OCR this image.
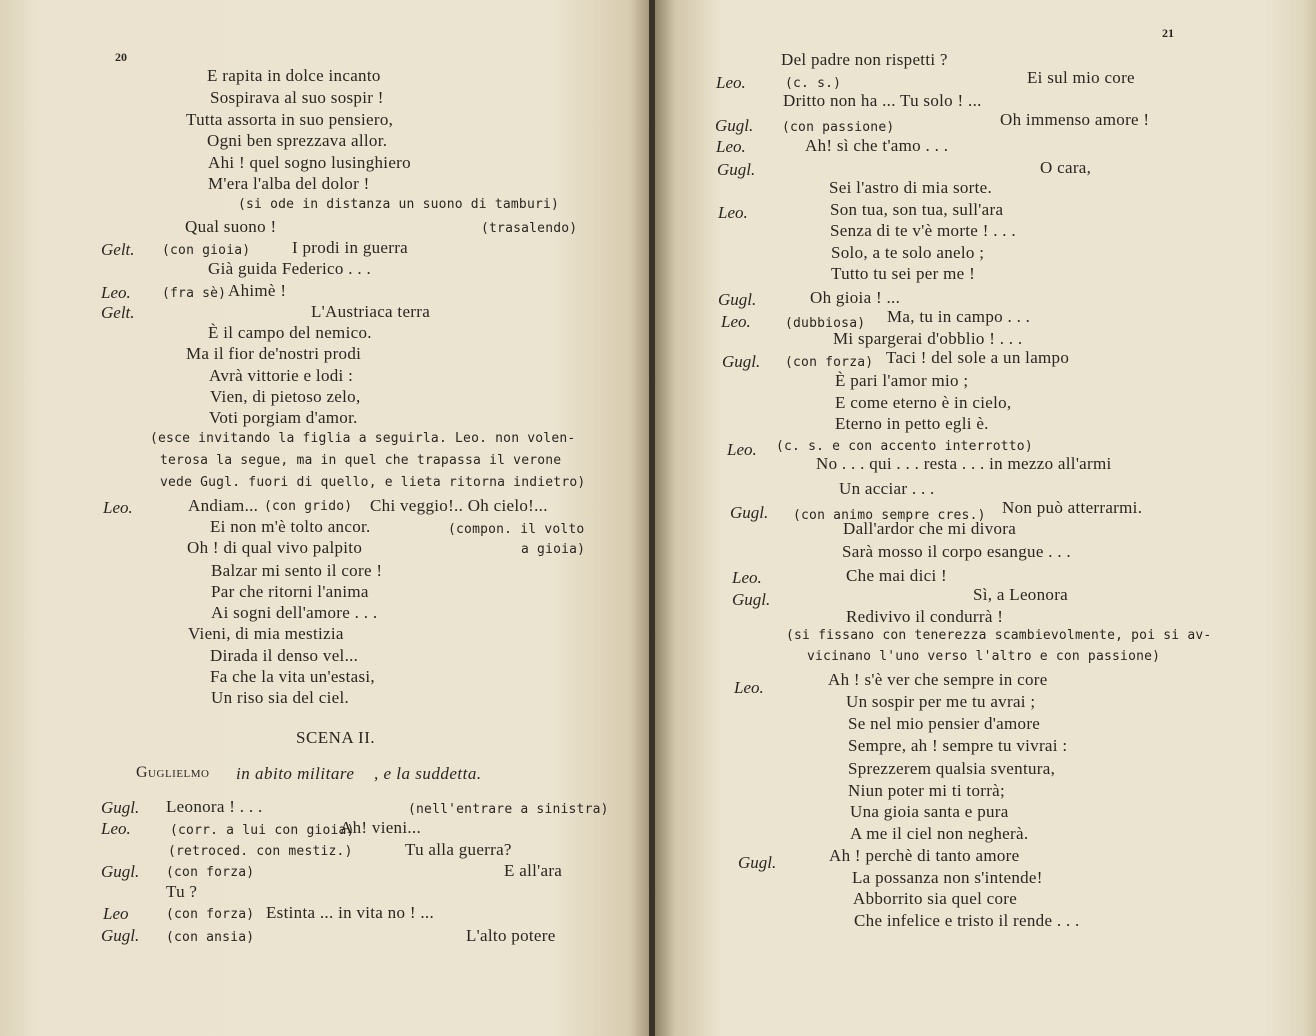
20
E rapita in dolce incanto
Sospirava al suo sospir !
Tutta assorta in suo pensiero,
Ogni ben sprezzava allor.
Ahi ! quel sogno lusinghiero
M'era l'alba del dolor !
(si ode in distanza un suono di tamburi)
Qual suono !	(trasalendo)
Gelt. (con gioia) I prodi in guerra
Già guida Federico . . .
Leo. (fra sè) Ahimè !
Gelt.	L'Austriaca terra
È il campo del nemico.
Ma il fior de'nostri prodi
Avrà vittorie e lodi :
Vien, di pietoso zelo,
Voti porgiam d'amor.
(esce invitando la figlia a seguirla. Leo. non volen-
terosa la segue, ma in quel che trapassa il verone
vede Gugl. fuori di quello, e lieta ritorna indietro)
Leo.	Andiam... (con grido) Chi veggio!.. Oh cielo!...
Ei non m'è tolto ancor.	(compon. il volto
Oh ! di qual vivo palpito	a gioia)
Balzar mi sento il core !
Par che ritorni l'anima
Ai sogni dell'amore . . .
Vieni, di mia mestizia
Dirada il denso vel...
Fa che la vita un'estasi,
Un riso sia del ciel.
SCENA II.
Guglielmo in abito militare , e la suddetta.
Gugl. Leonora ! . . .	(nell'entrare a sinistra)
Leo.	(corr. a lui con gioia)
Ah! vieni...
(retroced. con mestiz.)	Tu alla guerra?
Gugl. (con forza)	E all'ara
Tu ?
Leo	(con forza) Estinta ... in vita no ! ...
Gugl. (con ansia)	L'alto potere
21
Del padre non rispetti ?
Leo.	(c. s.)	Ei sul mio core
Dritto non ha ... Tu solo ! ...
Gugl. (con passione)	Oh immenso amore !
Leo.	Ah! sì che t'amo . . .
Gugl.	O cara,
Sei l'astro di mia sorte.
Leo.	Son tua, son tua, sull'ara
Senza di te v'è morte ! . . .
Solo, a te solo anelo ;
Tutto tu sei per me !
Gugl.	Oh gioia ! ...
Leo.	(dubbiosa) Ma, tu in campo . . .
Mi spargerai d'obblio ! . . .
Gugl. (con forza) Taci ! del sole a un lampo
È pari l'amor mio ;
E come eterno è in cielo,
Eterno in petto egli è.
Leo. (c. s. e con accento interrotto)
No . . . qui . . . resta . . . in mezzo all'armi
Un acciar . . .
Gugl. (con animo sempre cres.) Non può atterrarmi.
Dall'ardor che mi divora
Sarà mosso il corpo esangue . . .
Leo.	Che mai dici !
Gugl.	Sì, a Leonora
Redivivo il condurrà !
(si fissano con tenerezza scambievolmente, poi si av-
vicinano l'uno verso l'altro e con passione)
Leo.	Ah ! s'è ver che sempre in core
Un sospir per me tu avrai ;
Se nel mio pensier d'amore
Sempre, ah ! sempre tu vivrai :
Sprezzerem qualsia sventura,
Niun poter mi ti torrà;
Una gioia santa e pura
A me il ciel non negherà.
Gugl.	Ah ! perchè di tanto amore
La possanza non s'intende!
Abborrito sia quel core
Che infelice e tristo il rende . . .
